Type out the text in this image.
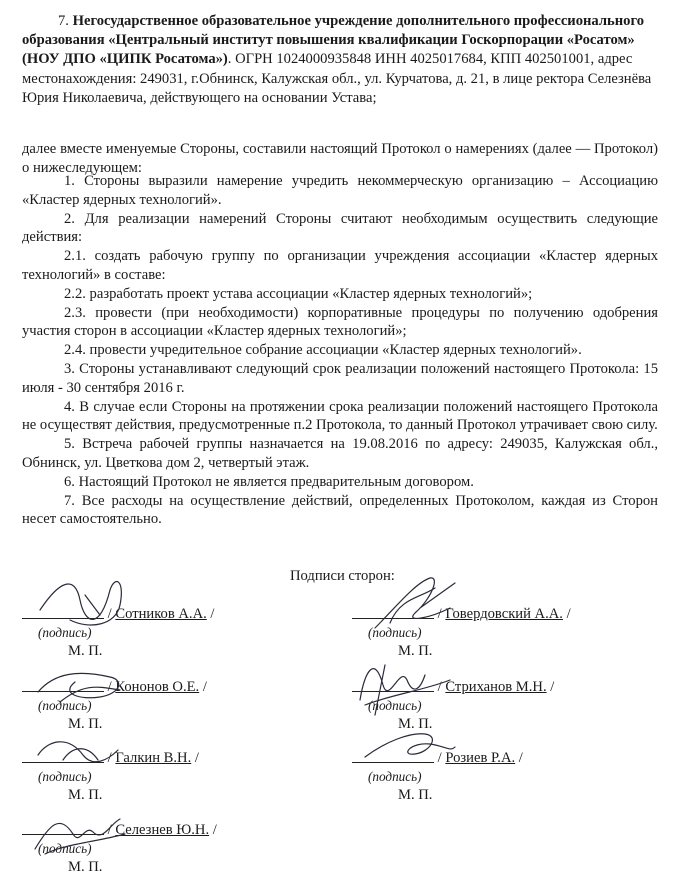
7. Негосударственное образовательное учреждение дополнительного профессионального образования «Центральный институт повышения квалификации Госкорпорации «Росатом» (НОУ ДПО «ЦИПК Росатома»). ОГРН 1024000935848 ИНН 4025017684, КПП 402501001, адрес местонахождения: 249031, г.Обнинск, Калужская обл., ул. Курчатова, д. 21, в лице ректора Селезнёва Юрия Николаевича, действующего на основании Устава;
далее вместе именуемые Стороны, составили настоящий Протокол о намерениях (далее — Протокол) о нижеследующем:

1. Стороны выразили намерение учредить некоммерческую организацию – Ассоциацию «Кластер ядерных технологий».

2. Для реализации намерений Стороны считают необходимым осуществить следующие действия:

2.1. создать рабочую группу по организации учреждения ассоциации «Кластер ядерных технологий» в составе:

2.2. разработать проект устава ассоциации «Кластер ядерных технологий»;

2.3. провести (при необходимости) корпоративные процедуры по получению одобрения участия сторон в ассоциации «Кластер ядерных технологий»;

2.4. провести учредительное собрание ассоциации «Кластер ядерных технологий».

3. Стороны устанавливают следующий срок реализации положений настоящего Протокола: 15 июля - 30 сентября 2016 г.

4. В случае если Стороны на протяжении срока реализации положений настоящего Протокола не осуществят действия, предусмотренные п.2 Протокола, то данный Протокол утрачивает свою силу.

5. Встреча рабочей группы назначается на 19.08.2016 по адресу: 249035, Калужская обл., Обнинск, ул. Цветкова дом 2, четвертый этаж.

6. Настоящий Протокол не является предварительным договором.

7. Все расходы на осуществление действий, определенных Протоколом, каждая из Сторон несет самостоятельно.

Подписи сторон:
/ Сотников А.А. /
(подпись)
М. П.
/ Кононов О.Е. /
(подпись)
М. П.
/ Галкин В.Н. /
(подпись)
М. П.
/ Селезнев Ю.Н. /
(подпись)
М. П.
/ Говердовский А.А. /
(подпись)
М. П.
/ Стриханов М.Н. /
(подпись)
М. П.
/ Розиев Р.А. /
(подпись)
М. П.
